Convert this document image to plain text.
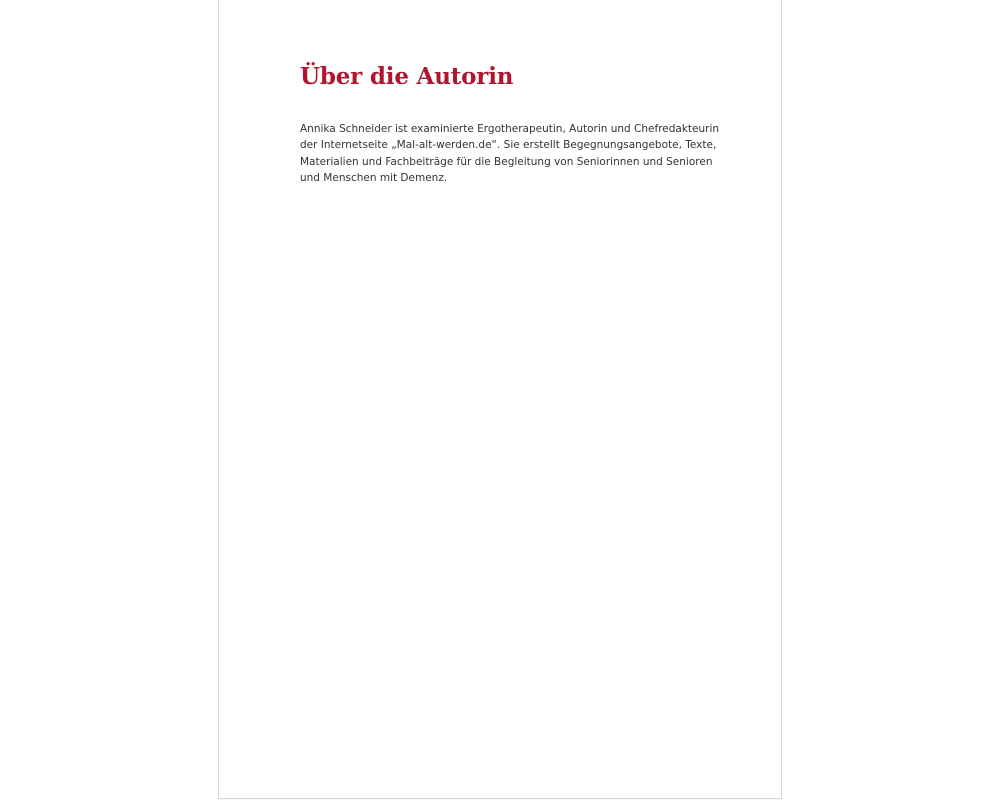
Über die Autorin

Annika Schneider ist examinierte Ergotherapeutin, Autorin und Chefredakteurin
der Internetseite „Mal-alt-werden.de“. Sie erstellt Begegnungsangebote, Texte,
Materialien und Fachbeiträge für die Begleitung von Seniorinnen und Senioren
und Menschen mit Demenz.
